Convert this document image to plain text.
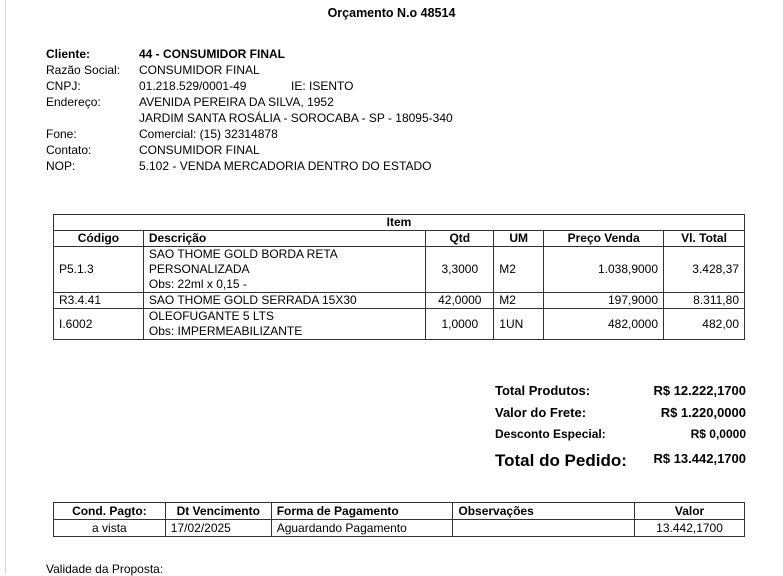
Orçamento N.o 48514
Cliente:	44 - CONSUMIDOR FINAL
Razão Social: CONSUMIDOR FINAL
CNPJ:	01.218.529/0001-49	IE: ISENTO
Endereço:	AVENIDA PEREIRA DA SILVA, 1952
JARDIM SANTA ROSÁLIA - SOROCABA - SP - 18095-340
Fone:	Comercial: (15) 32314878
Contato:	CONSUMIDOR FINAL
NOP:	5.102 - VENDA MERCADORIA DENTRO DO ESTADO
Item					
Código	Descrição	Qtd	UM	Preço Venda	Vl. Total
P5.1.3	SAO THOME GOLD BORDA RETA
PERSONALIZADA
Obs: 22ml x 0,15 -	3,3000	M2	1.038,9000	3.428,37
R3.4.41	SAO THOME GOLD SERRADA 15X30	42,0000	M2	197,9000	8.311,80
I.6002	OLEOFUGANTE 5 LTS
Obs: IMPERMEABILIZANTE	1,0000	1UN	482,0000	482,00
Total Produtos:	R$ 12.222,1700
Valor do Frete:	R$ 1.220,0000
Desconto Especial:	R$ 0,0000
Total do Pedido: R$ 13.442,1700
Cond. Pagto:	Dt Vencimento	Forma de Pagamento	Observações	Valor
a vista	17/02/2025	Aguardando Pagamento		13.442,1700
Validade da Proposta:
